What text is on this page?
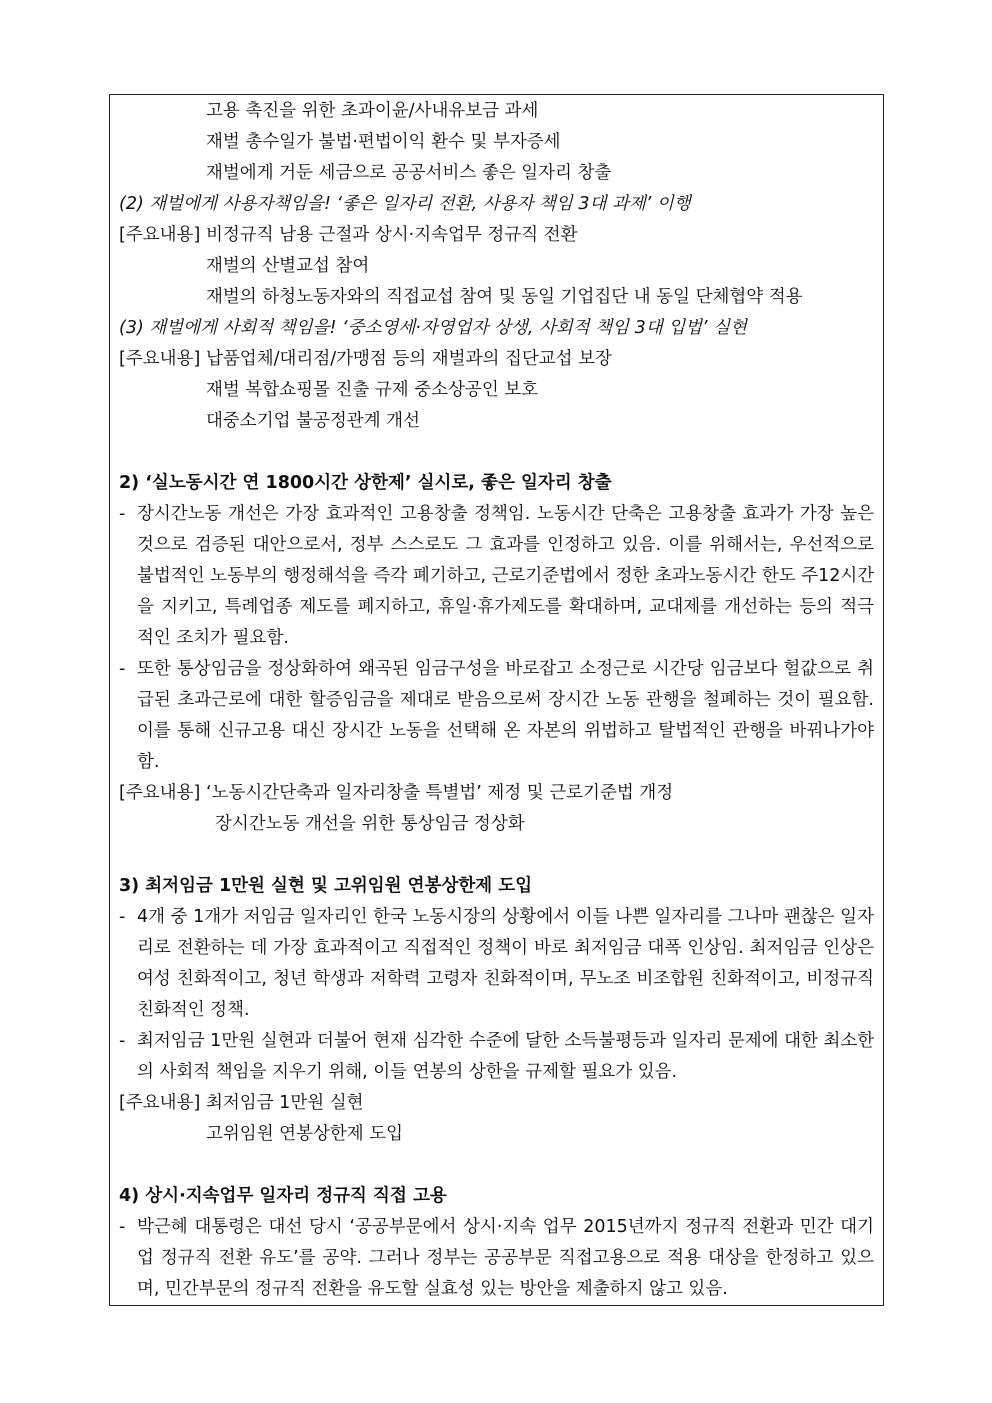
고용 촉진을 위한 초과이윤/사내유보금 과세
재벌 총수일가 불법·편법이익 환수 및 부자증세
재벌에게 거둔 세금으로 공공서비스 좋은 일자리 창출
(2) 재벌에게 사용자책임을! ‘좋은 일자리 전환, 사용자 책임 3대 과제’ 이행
[주요내용] 비정규직 남용 근절과 상시·지속업무 정규직 전환
재벌의 산별교섭 참여
재벌의 하청노동자와의 직접교섭 참여 및 동일 기업집단 내 동일 단체협약 적용
(3) 재벌에게 사회적 책임을! ‘중소영세·자영업자 상생, 사회적 책임 3대 입법’ 실현
[주요내용] 납품업체/대리점/가맹점 등의 재벌과의 집단교섭 보장
재벌 복합쇼핑몰 진출 규제 중소상공인 보호
대중소기업 불공정관계 개선
2) ‘실노동시간 연 1800시간 상한제’ 실시로, 좋은 일자리 창출
- 장시간노동 개선은 가장 효과적인 고용창출 정책임. 노동시간 단축은 고용창출 효과가 가장 높은
것으로 검증된 대안으로서, 정부 스스로도 그 효과를 인정하고 있음. 이를 위해서는, 우선적으로
불법적인 노동부의 행정해석을 즉각 폐기하고, 근로기준법에서 정한 초과노동시간 한도 주12시간
을 지키고, 특례업종 제도를 폐지하고, 휴일·휴가제도를 확대하며, 교대제를 개선하는 등의 적극
적인 조치가 필요함.
- 또한 통상임금을 정상화하여 왜곡된 임금구성을 바로잡고 소정근로 시간당 임금보다 헐값으로 취
급된 초과근로에 대한 할증임금을 제대로 받음으로써 장시간 노동 관행을 철폐하는 것이 필요함.
이를 통해 신규고용 대신 장시간 노동을 선택해 온 자본의 위법하고 탈법적인 관행을 바꿔나가야
함.
[주요내용] ‘노동시간단축과 일자리창출 특별법’ 제정 및 근로기준법 개정
장시간노동 개선을 위한 통상임금 정상화
3) 최저임금 1만원 실현 및 고위임원 연봉상한제 도입
- 4개 중 1개가 저임금 일자리인 한국 노동시장의 상황에서 이들 나쁜 일자리를 그나마 괜찮은 일자
리로 전환하는 데 가장 효과적이고 직접적인 정책이 바로 최저임금 대폭 인상임. 최저임금 인상은
여성 친화적이고, 청년 학생과 저학력 고령자 친화적이며, 무노조 비조합원 친화적이고, 비정규직
친화적인 정책.
- 최저임금 1만원 실현과 더불어 현재 심각한 수준에 달한 소득불평등과 일자리 문제에 대한 최소한
의 사회적 책임을 지우기 위해, 이들 연봉의 상한을 규제할 필요가 있음.
[주요내용] 최저임금 1만원 실현
고위임원 연봉상한제 도입
4) 상시·지속업무 일자리 정규직 직접 고용
- 박근혜 대통령은 대선 당시 ‘공공부문에서 상시·지속 업무 2015년까지 정규직 전환과 민간 대기
업 정규직 전환 유도’를 공약. 그러나 정부는 공공부문 직접고용으로 적용 대상을 한정하고 있으
며, 민간부문의 정규직 전환을 유도할 실효성 있는 방안을 제출하지 않고 있음.
